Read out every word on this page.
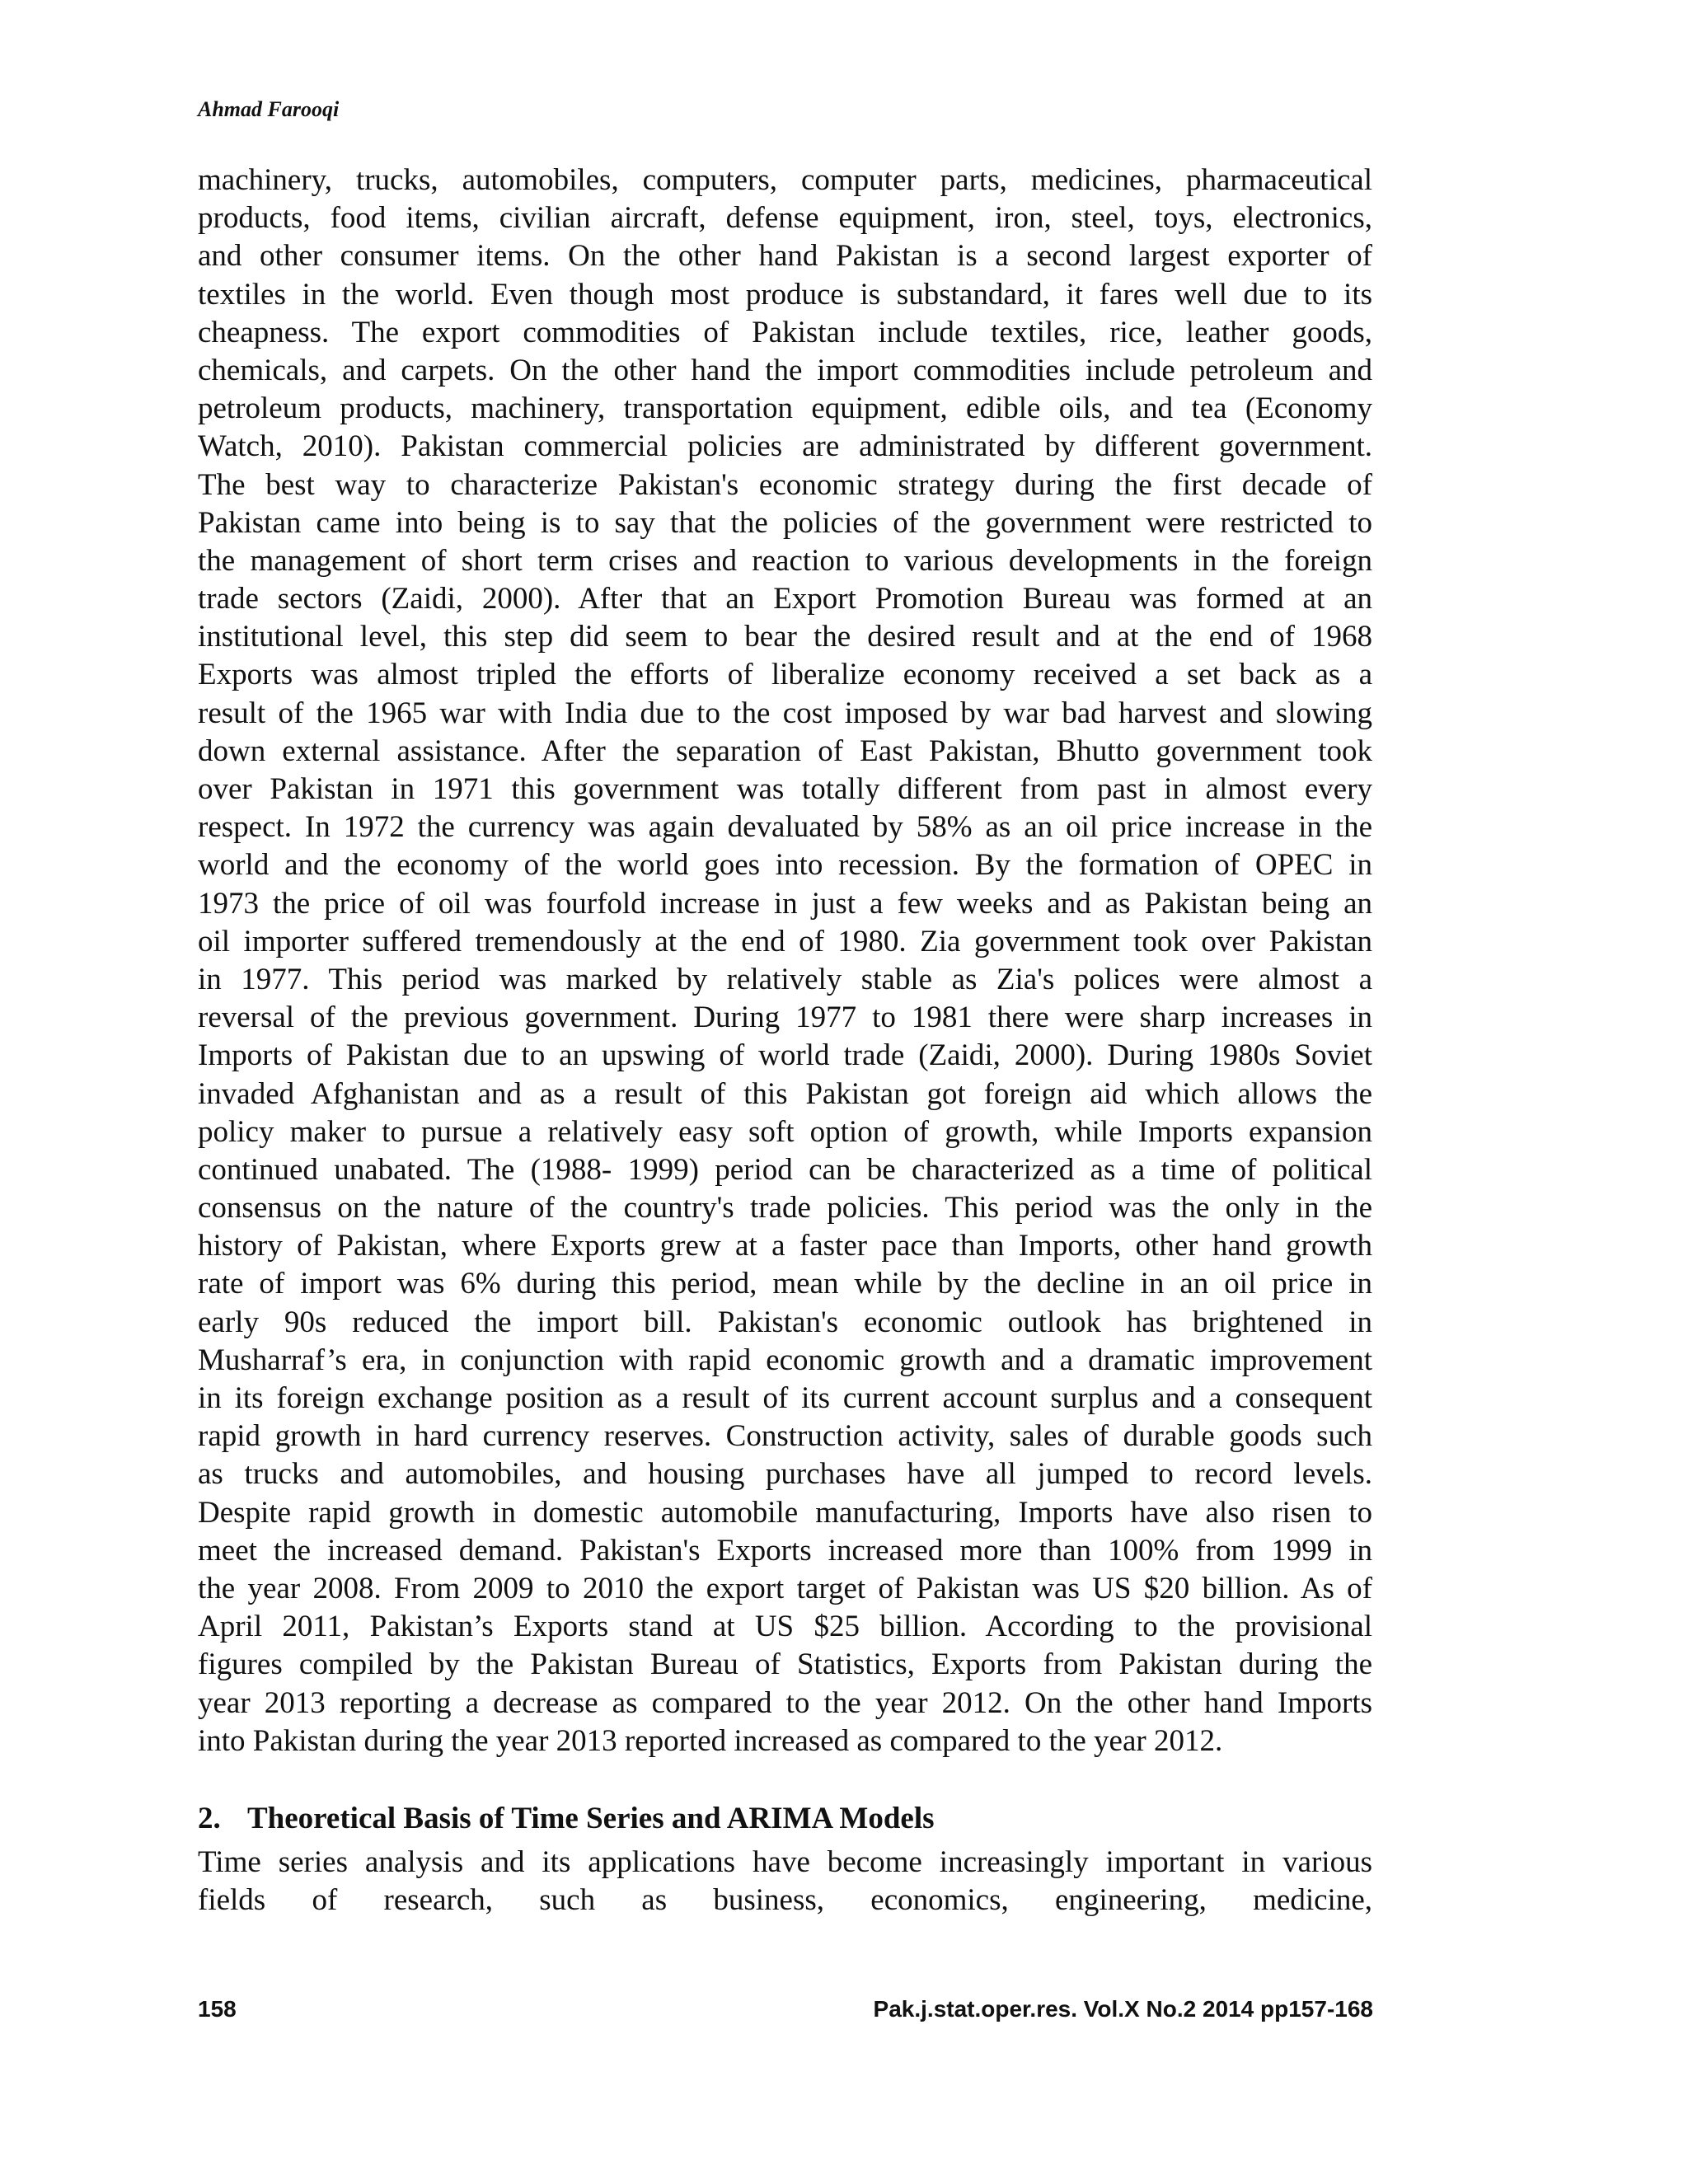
Ahmad Farooqi
machinery, trucks, automobiles, computers, computer parts, medicines, pharmaceutical
products, food items, civilian aircraft, defense equipment, iron, steel, toys, electronics,
and other consumer items. On the other hand Pakistan is a second largest exporter of
textiles in the world. Even though most produce is substandard, it fares well due to its
cheapness. The export commodities of Pakistan include textiles, rice, leather goods,
chemicals, and carpets. On the other hand the import commodities include petroleum and
petroleum products, machinery, transportation equipment, edible oils, and tea (Economy
Watch, 2010). Pakistan commercial policies are administrated by different government.
The best way to characterize Pakistan's economic strategy during the first decade of
Pakistan came into being is to say that the policies of the government were restricted to
the management of short term crises and reaction to various developments in the foreign
trade sectors (Zaidi, 2000). After that an Export Promotion Bureau was formed at an
institutional level, this step did seem to bear the desired result and at the end of 1968
Exports was almost tripled the efforts of liberalize economy received a set back as a
result of the 1965 war with India due to the cost imposed by war bad harvest and slowing
down external assistance. After the separation of East Pakistan, Bhutto government took
over Pakistan in 1971 this government was totally different from past in almost every
respect. In 1972 the currency was again devaluated by 58% as an oil price increase in the
world and the economy of the world goes into recession. By the formation of OPEC in
1973 the price of oil was fourfold increase in just a few weeks and as Pakistan being an
oil importer suffered tremendously at the end of 1980. Zia government took over Pakistan
in 1977. This period was marked by relatively stable as Zia's polices were almost a
reversal of the previous government. During 1977 to 1981 there were sharp increases in
Imports of Pakistan due to an upswing of world trade (Zaidi, 2000). During 1980s Soviet
invaded Afghanistan and as a result of this Pakistan got foreign aid which allows the
policy maker to pursue a relatively easy soft option of growth, while Imports expansion
continued unabated. The (1988- 1999) period can be characterized as a time of political
consensus on the nature of the country's trade policies. This period was the only in the
history of Pakistan, where Exports grew at a faster pace than Imports, other hand growth
rate of import was 6% during this period, mean while by the decline in an oil price in
early 90s reduced the import bill. Pakistan's economic outlook has brightened in
Musharraf’s era, in conjunction with rapid economic growth and a dramatic improvement
in its foreign exchange position as a result of its current account surplus and a consequent
rapid growth in hard currency reserves. Construction activity, sales of durable goods such
as trucks and automobiles, and housing purchases have all jumped to record levels.
Despite rapid growth in domestic automobile manufacturing, Imports have also risen to
meet the increased demand. Pakistan's Exports increased more than 100% from 1999 in
the year 2008. From 2009 to 2010 the export target of Pakistan was US $20 billion. As of
April 2011, Pakistan’s Exports stand at US $25 billion. According to the provisional
figures compiled by the Pakistan Bureau of Statistics, Exports from Pakistan during the
year 2013 reporting a decrease as compared to the year 2012. On the other hand Imports
into Pakistan during the year 2013 reported increased as compared to the year 2012.
2. Theoretical Basis of Time Series and ARIMA Models
Time series analysis and its applications have become increasingly important in various
fields of research, such as business, economics, engineering, medicine,
158	Pak.j.stat.oper.res. Vol.X No.2 2014 pp157-168
